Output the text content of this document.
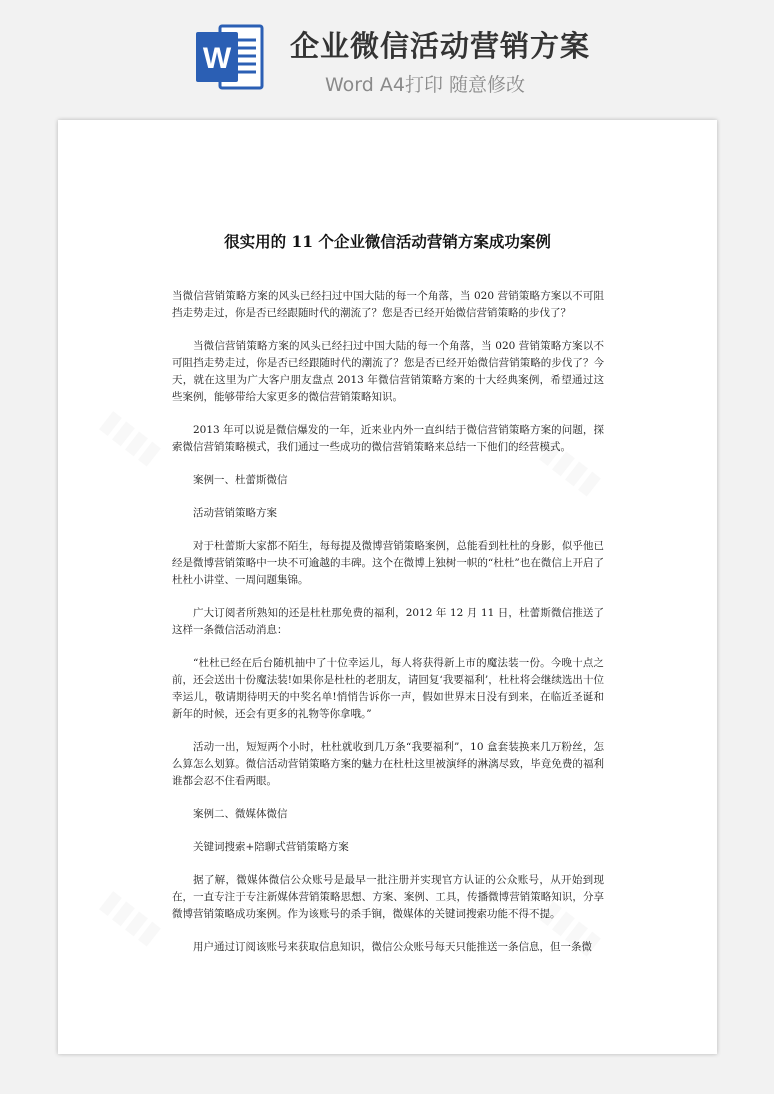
W 企业微信活动营销方案
Word A4打印 随意修改
▮▮▮▮	▮▮▮▮
▮▮▮▮	▮▮▮▮
很实用的 11 个企业微信活动营销方案成功案例

当微信营销策略方案的风头已经扫过中国大陆的每一个角落，当 020 营销策略方案以不可阻挡走势走过，你是否已经跟随时代的潮流了？您是否已经开始微信营销策略的步伐了？

当微信营销策略方案的风头已经扫过中国大陆的每一个角落，当 020 营销策略方案以不可阻挡走势走过，你是否已经跟随时代的潮流了？您是否已经开始微信营销策略的步伐了？今天，就在这里为广大客户朋友盘点 2013 年微信营销策略方案的十大经典案例，希望通过这些案例，能够带给大家更多的微信营销策略知识。

2013 年可以说是微信爆发的一年，近来业内外一直纠结于微信营销策略方案的问题，探索微信营销策略模式，我们通过一些成功的微信营销策略来总结一下他们的经营模式。

案例一、杜蕾斯微信

活动营销策略方案

对于杜蕾斯大家都不陌生，每每提及微博营销策略案例，总能看到杜杜的身影，似乎他已经是微博营销策略中一块不可逾越的丰碑。这个在微博上独树一帜的“杜杜”也在微信上开启了杜杜小讲堂、一周问题集锦。

广大订阅者所熟知的还是杜杜那免费的福利，2012 年 12 月 11 日，杜蕾斯微信推送了这样一条微信活动消息：

“杜杜已经在后台随机抽中了十位幸运儿，每人将获得新上市的魔法装一份。今晚十点之前，还会送出十份魔法装!如果你是杜杜的老朋友，请回复‘我要福利’，杜杜将会继续选出十位幸运儿，敬请期待明天的中奖名单!悄悄告诉你一声，假如世界末日没有到来，在临近圣诞和新年的时候，还会有更多的礼物等你拿哦。”

活动一出，短短两个小时，杜杜就收到几万条“我要福利”，10 盒套装换来几万粉丝，怎么算怎么划算。微信活动营销策略方案的魅力在杜杜这里被演绎的淋漓尽致，毕竟免费的福利谁都会忍不住看两眼。

案例二、微媒体微信

关键词搜索+陪聊式营销策略方案

据了解，微媒体微信公众账号是最早一批注册并实现官方认证的公众账号，从开始到现在，一直专注于专注新媒体营销策略思想、方案、案例、工具，传播微博营销策略知识，分享微博营销策略成功案例。作为该账号的杀手锏，微媒体的关键词搜索功能不得不提。

用户通过订阅该账号来获取信息知识，微信公众账号每天只能推送一条信息，但一条微
